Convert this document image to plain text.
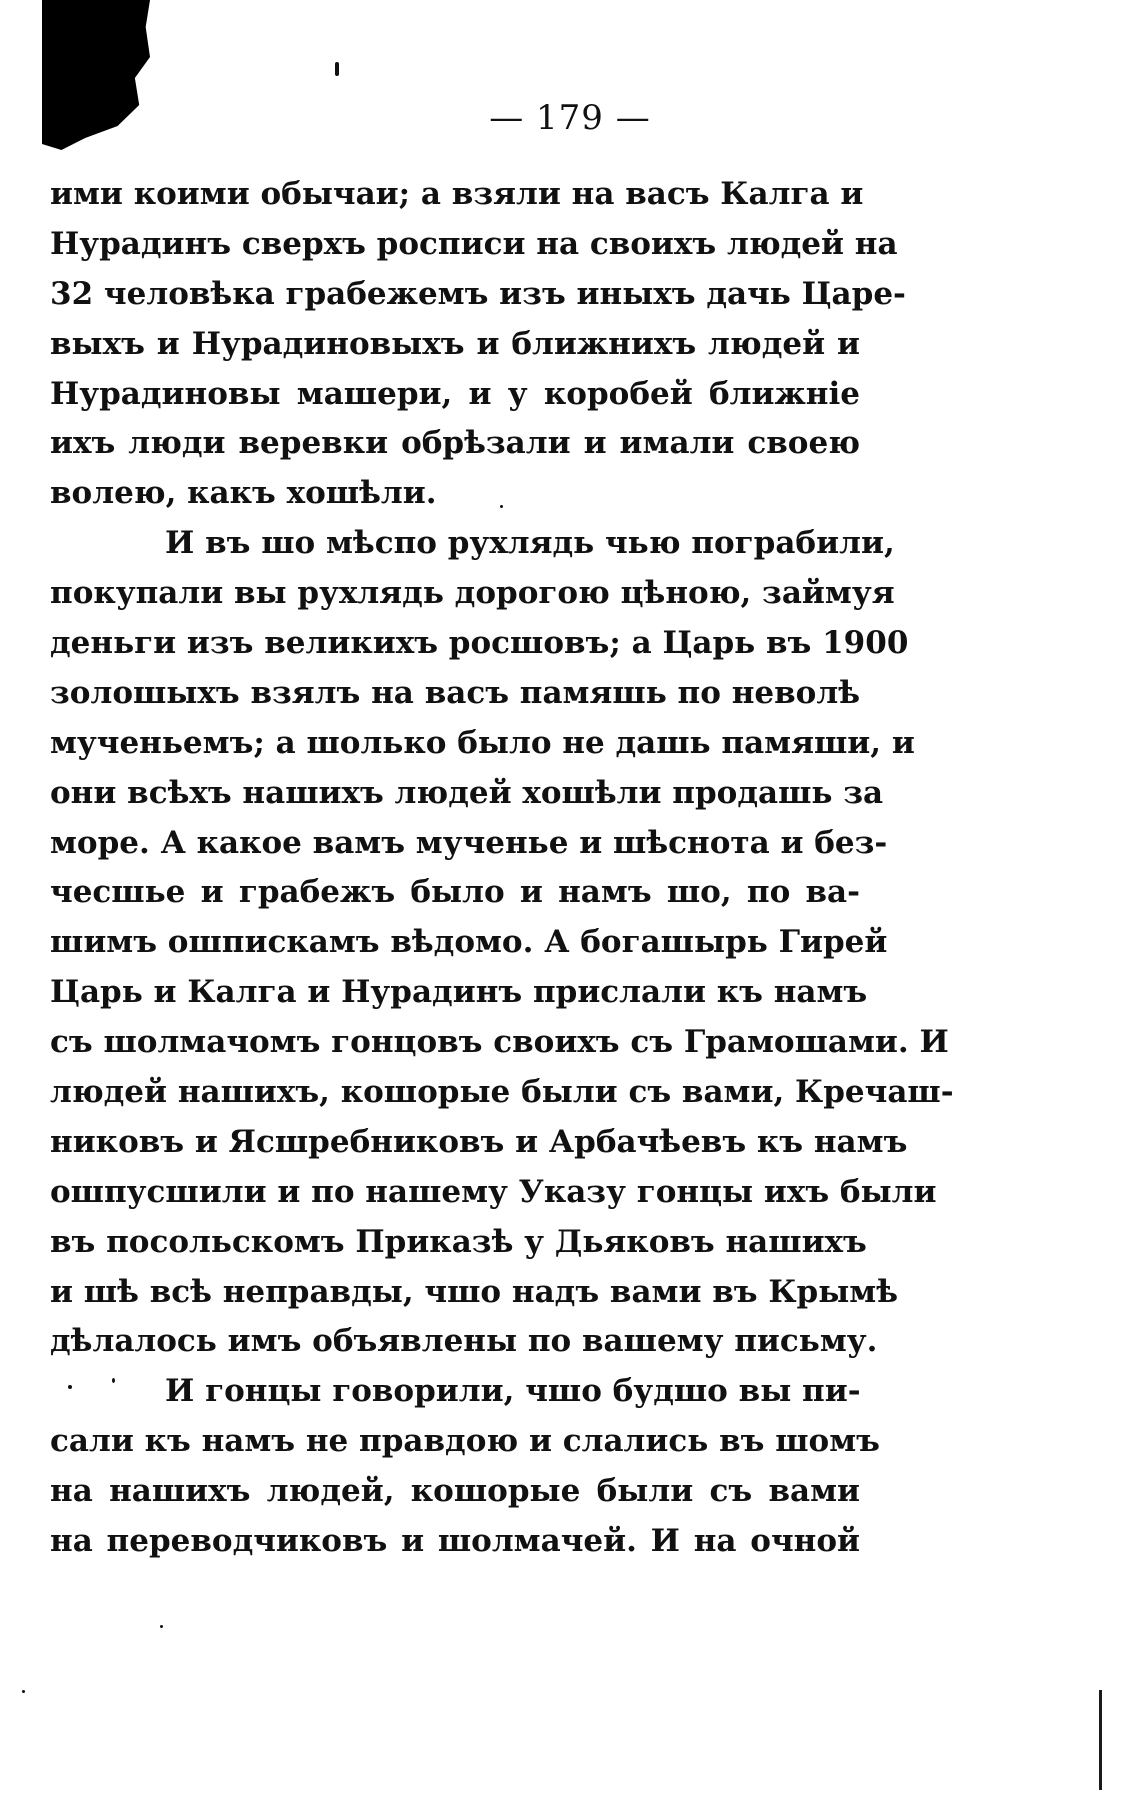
— 179 —
ими коими обычаи; а взяли на васъ Калга и
Нурадинъ сверхъ росписи на своихъ людей на
32 человѣка грабежемъ изъ иныхъ дачь Царе-
выхъ и Нурадиновыхъ и ближнихъ людей и
Нурадиновы машери, и у коробей ближніе
ихъ люди веревки обрѣзали и имали своею
волею, какъ хошѣли.
И въ шо мѣспо рухлядь чью пограбили,
покупали вы рухлядь дорогою цѣною, займуя
деньги изъ великихъ росшовъ; а Царь въ 1900
золошыхъ взялъ на васъ памяшь по неволѣ
мученьемъ; а шолько было не дашь памяши, и
они всѣхъ нашихъ людей хошѣли продашь за
море. А какое вамъ мученье и шѣснота и без-
чесшье и грабежъ было и намъ шо, по ва-
шимъ ошпискамъ вѣдомо. А богашырь Гирей
Царь и Калга и Нурадинъ прислали къ намъ
съ шолмачомъ гонцовъ своихъ съ Грамошами. И
людей нашихъ, кошорые были съ вами, Кречаш-
никовъ и Ясшребниковъ и Арбачѣевъ къ намъ
ошпусшили и по нашему Указу гонцы ихъ были
въ посольскомъ Приказѣ у Дьяковъ нашихъ
и шѣ всѣ неправды, чшо надъ вами въ Крымѣ
дѣлалось имъ объявлены по вашему письму.
И гонцы говорили, чшо будшо вы пи-
сали къ намъ не правдою и слались въ шомъ
на нашихъ людей, кошорые были съ вами
на переводчиковъ и шолмачей. И на очной
